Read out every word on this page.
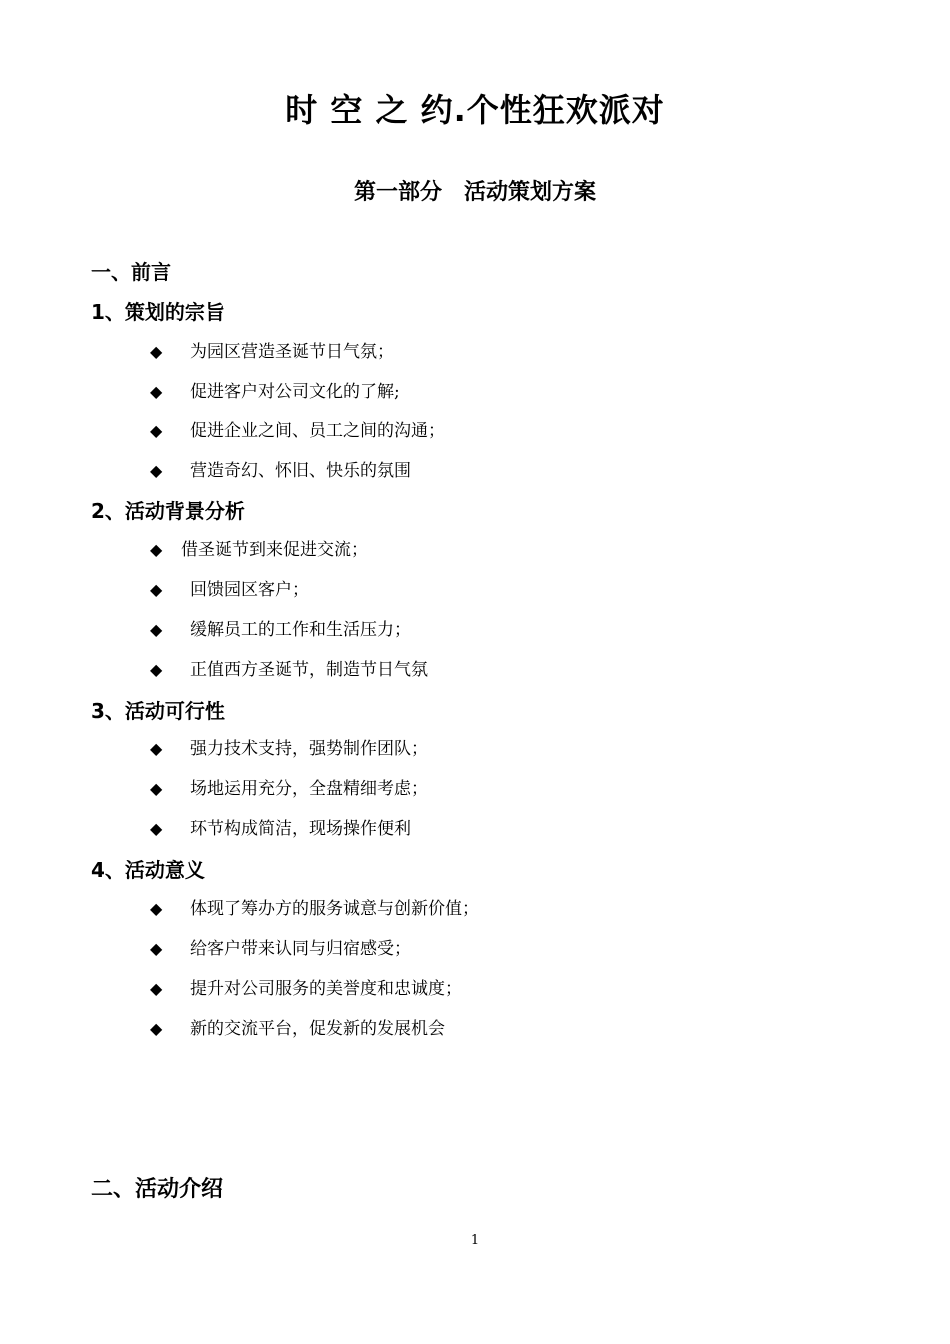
时 空 之 约.个性狂欢派对
第一部分 活动策划方案
一、前言
1、策划的宗旨
◆ 为园区营造圣诞节日气氛；
◆ 促进客户对公司文化的了解;
◆ 促进企业之间、员工之间的沟通；
◆ 营造奇幻、怀旧、快乐的氛围
2、活动背景分析
◆ 借圣诞节到来促进交流；
◆ 回馈园区客户；
◆ 缓解员工的工作和生活压力；
◆ 正值西方圣诞节，制造节日气氛
3、活动可行性
◆ 强力技术支持，强势制作团队；
◆ 场地运用充分，全盘精细考虑；
◆ 环节构成简洁，现场操作便利
4、活动意义
◆ 体现了筹办方的服务诚意与创新价值；
◆ 给客户带来认同与归宿感受；
◆ 提升对公司服务的美誉度和忠诚度；
◆ 新的交流平台，促发新的发展机会
二、活动介绍
1
